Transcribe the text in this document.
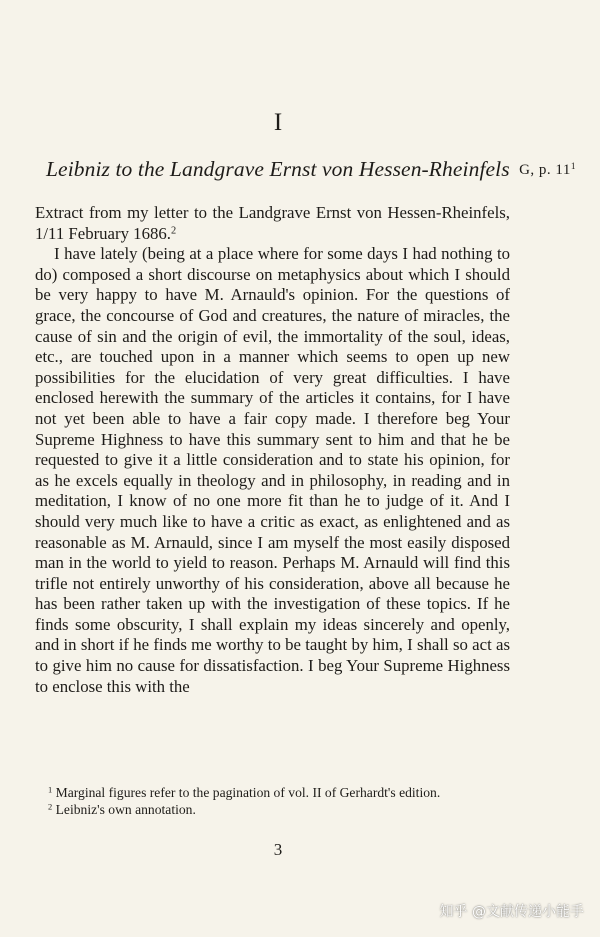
I
Leibniz to the Landgrave Ernst von Hessen-Rheinfels G, p. $11^1$

Extract from my letter to the Landgrave Ernst von Hessen-Rheinfels, 1/11 February 1686.$^2$

I have lately (being at a place where for some days I had nothing to do) composed a short discourse on metaphysics about which I should be very happy to have M. Arnauld's opinion. For the questions of grace, the concourse of God and creatures, the nature of miracles, the cause of sin and the origin of evil, the immortality of the soul, ideas, etc., are touched upon in a manner which seems to open up new possibilities for the elucidation of very great difficulties. I have enclosed herewith the summary of the articles it contains, for I have not yet been able to have a fair copy made. I therefore beg Your Supreme Highness to have this summary sent to him and that he be requested to give it a little consideration and to state his opinion, for as he excels equally in theology and in philosophy, in reading and in meditation, I know of no one more fit than he to judge of it. And I should very much like to have a critic as exact, as enlightened and as reasonable as M. Arnauld, since I am myself the most easily disposed man in the world to yield to reason. Perhaps M. Arnauld will find this trifle not entirely unworthy of his consideration, above all because he has been rather taken up with the investigation of these topics. If he finds some obscurity, I shall explain my ideas sincerely and openly, and in short if he finds me worthy to be taught by him, I shall so act as to give him no cause for dissatisfaction. I beg Your Supreme Highness to enclose this with the

$^1$ Marginal figures refer to the pagination of vol. II of Gerhardt's edition.

$^2$ Leibniz's own annotation.

3
知乎 @文献传递小能手
